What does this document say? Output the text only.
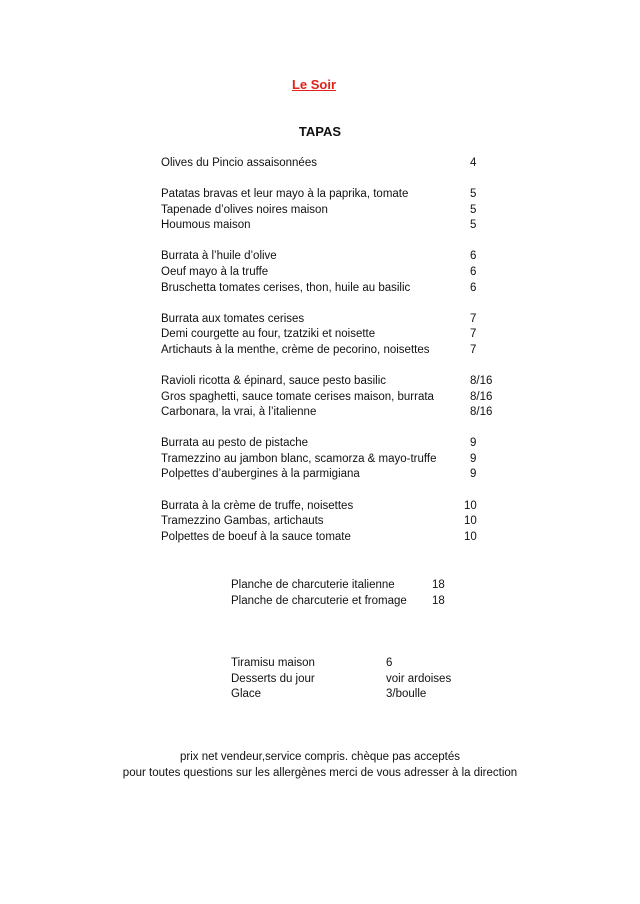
Le Soir
TAPAS
Olives du Pincio assaisonnées	4
Patatas bravas et leur mayo à la paprika, tomate	5
Tapenade d’olives noires maison	5
Houmous maison	5
Burrata à l’huile d’olive	6
Oeuf mayo à la truffe	6
Bruschetta tomates cerises, thon, huile au basilic	6
Burrata aux tomates cerises	7
Demi courgette au four, tzatziki et noisette	7
Artichauts à la menthe, crème de pecorino, noisettes	7
Ravioli ricotta & épinard, sauce pesto basilic	8/16
Gros spaghetti, sauce tomate cerises maison, burrata	8/16
Carbonara, la vrai, à l’italienne	8/16
Burrata au pesto de pistache	9
Tramezzino au jambon blanc, scamorza & mayo-truffe	9
Polpettes d’aubergines à la parmigiana	9
Burrata à la crème de truffe, noisettes	10
Tramezzino Gambas, artichauts	10
Polpettes de boeuf à la sauce tomate	10
Planche de charcuterie italienne	18
Planche de charcuterie et fromage 18
Tiramisu maison	6
Desserts du jour	voir ardoises
Glace	3/boulle
prix net vendeur,service compris. chèque pas acceptés
pour toutes questions sur les allergènes merci de vous adresser à la direction
